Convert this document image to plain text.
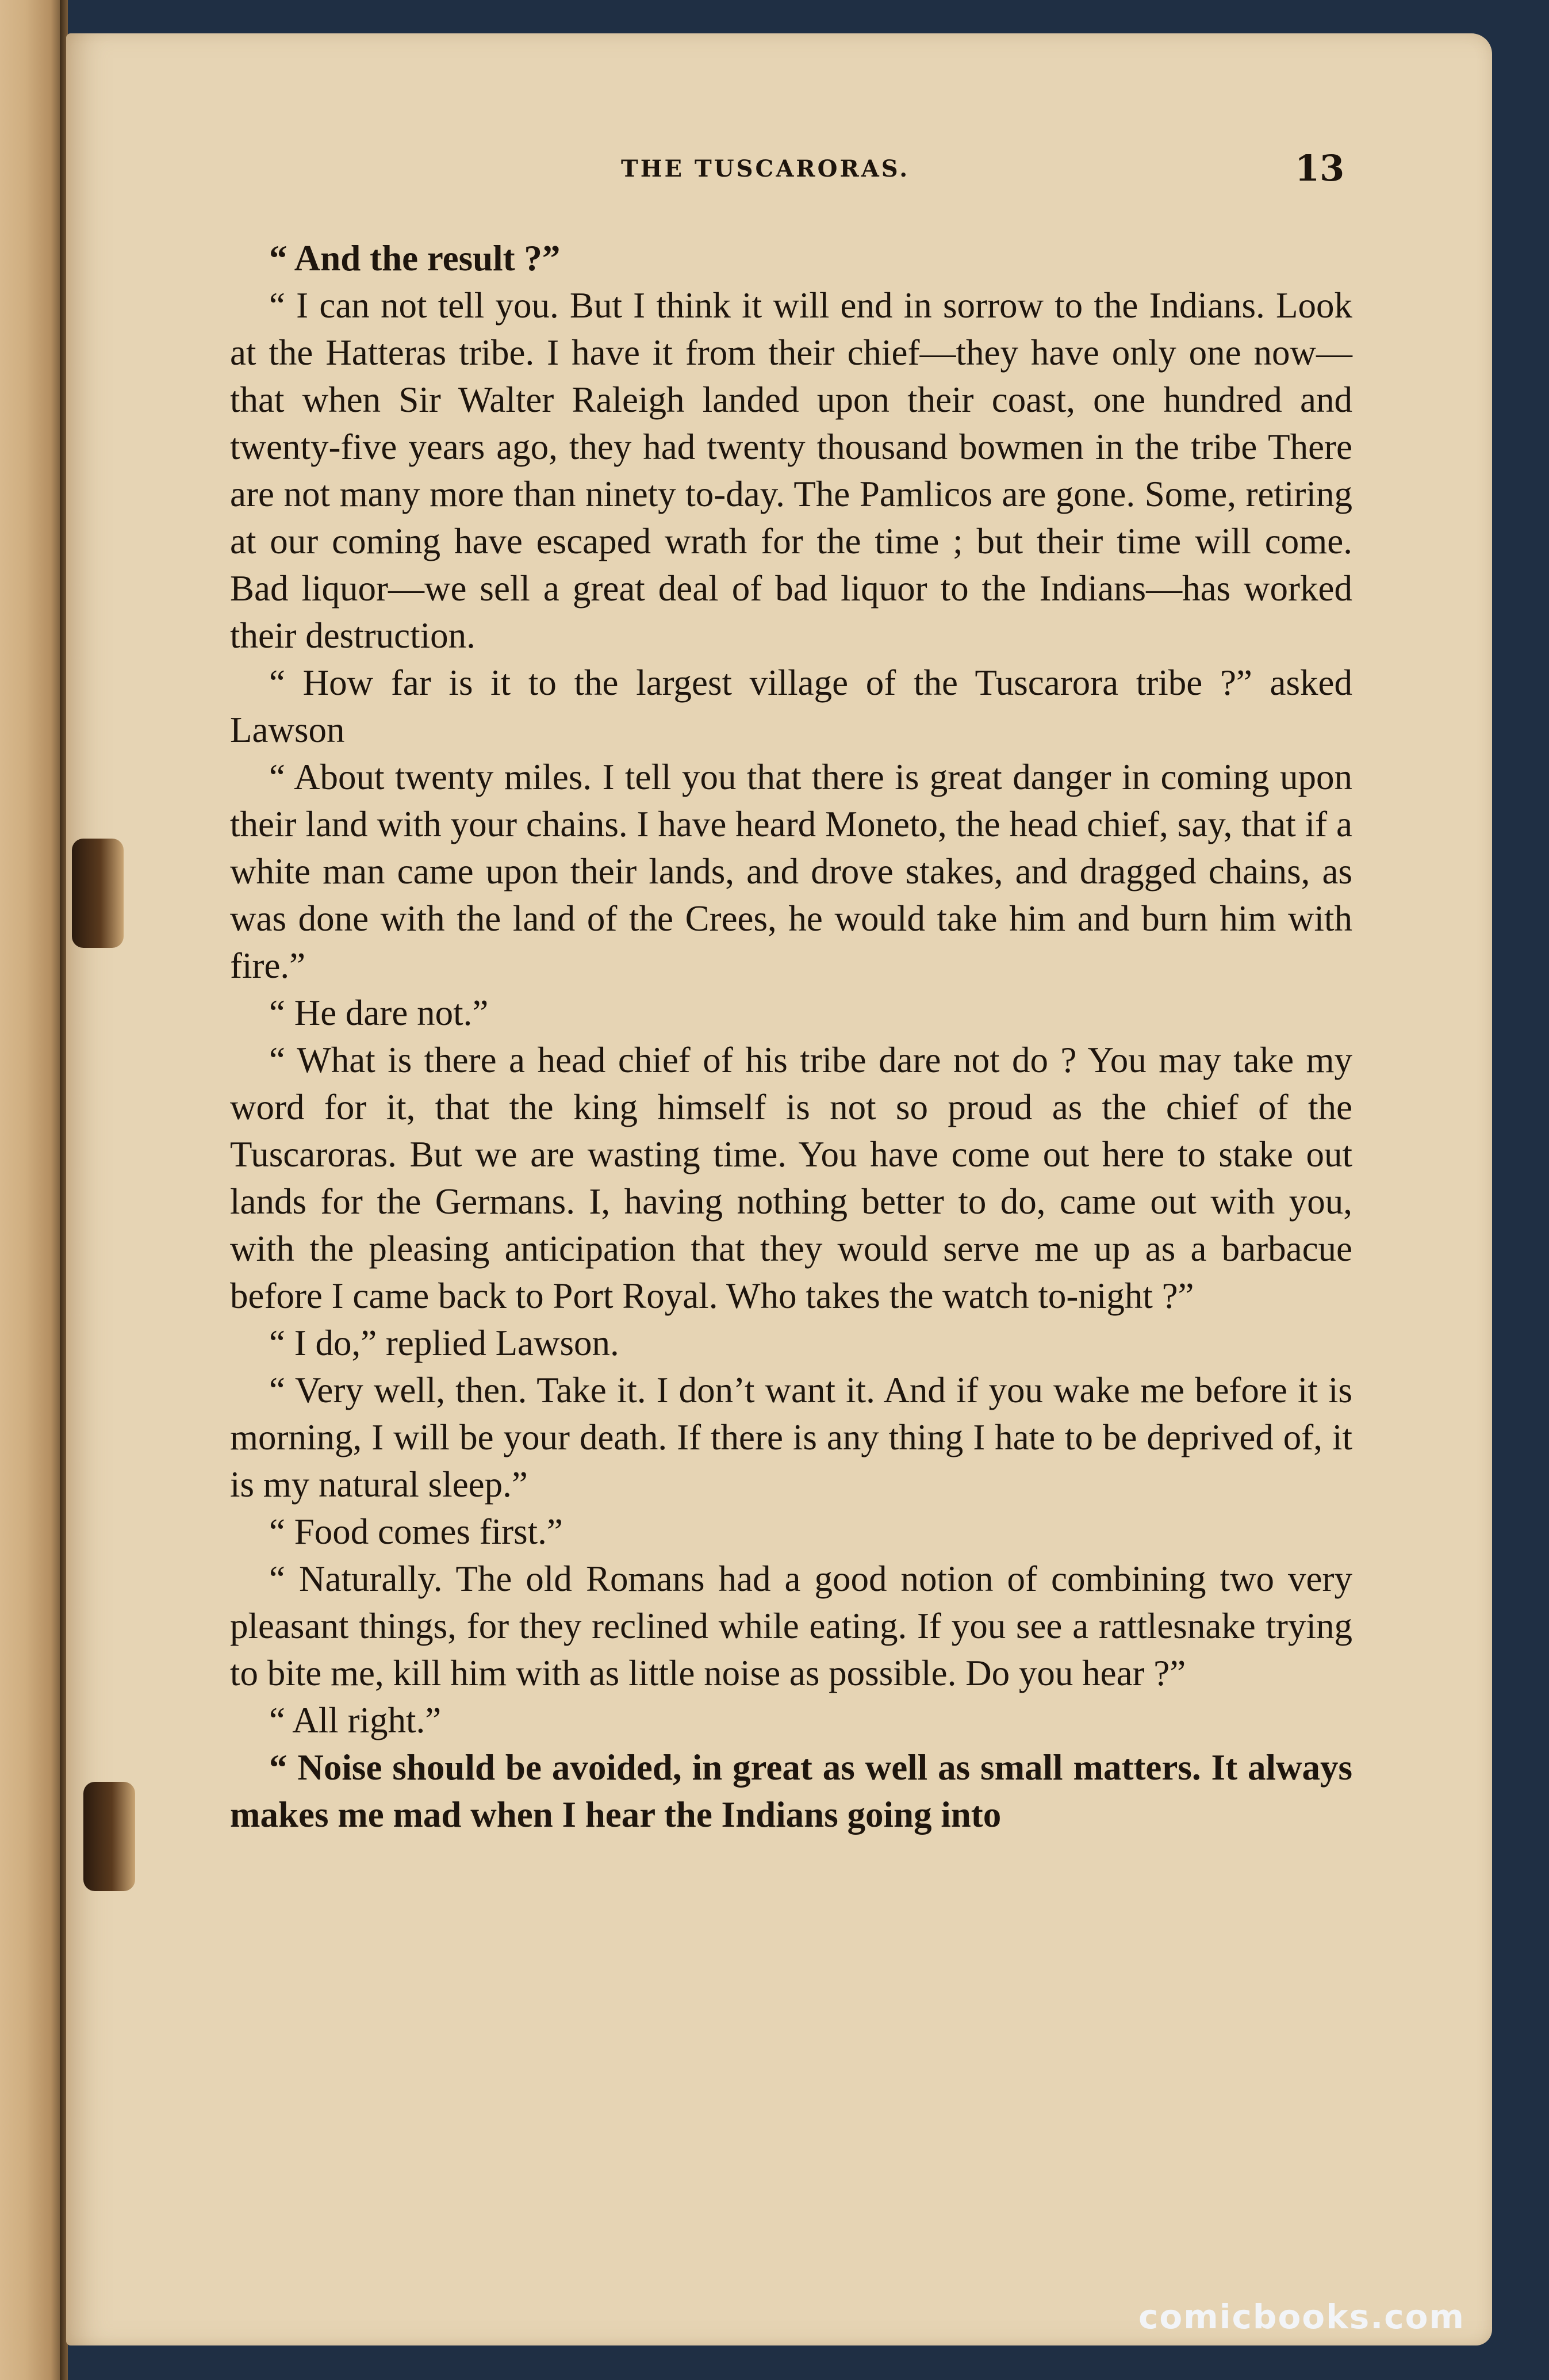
THE TUSCARORAS.	13

“ And the result ?”

“ I can not tell you. But I think it will end in sorrow to the Indians. Look at the Hatteras tribe. I have it from their chief—they have only one now—that when Sir Walter Raleigh landed upon their coast, one hundred and twenty-five years ago, they had twenty thousand bowmen in the tribe There are not many more than ninety to-day. The Pamlicos are gone. Some, retiring at our coming have escaped wrath for the time ; but their time will come. Bad liquor—we sell a great deal of bad liquor to the Indians—has worked their destruction.

“ How far is it to the largest village of the Tuscarora tribe ?” asked Lawson

“ About twenty miles. I tell you that there is great danger in coming upon their land with your chains. I have heard Moneto, the head chief, say, that if a white man came upon their lands, and drove stakes, and dragged chains, as was done with the land of the Crees, he would take him and burn him with fire.”

“ He dare not.”

“ What is there a head chief of his tribe dare not do ? You may take my word for it, that the king himself is not so proud as the chief of the Tuscaroras. But we are wasting time. You have come out here to stake out lands for the Germans. I, having nothing better to do, came out with you, with the pleasing anticipation that they would serve me up as a barbacue before I came back to Port Royal. Who takes the watch to-night ?”

“ I do,” replied Lawson.

“ Very well, then. Take it. I don’t want it. And if you wake me before it is morning, I will be your death. If there is any thing I hate to be deprived of, it is my natural sleep.”

“ Food comes first.”

“ Naturally. The old Romans had a good notion of combining two very pleasant things, for they reclined while eating. If you see a rattlesnake trying to bite me, kill him with as little noise as possible. Do you hear ?”

“ All right.”

“ Noise should be avoided, in great as well as small matters. It always makes me mad when I hear the Indians going into

comicbooks.com
